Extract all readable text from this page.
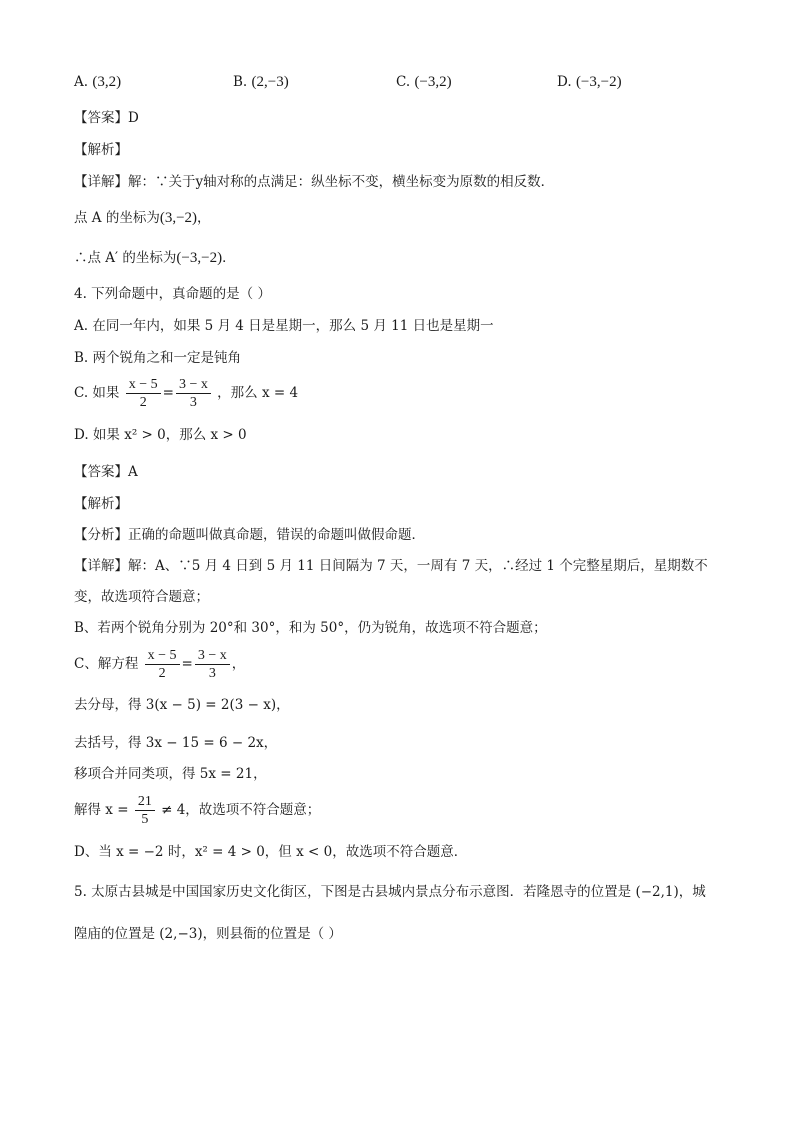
A. (3,2)	B. (2,−3)	C. (−3,2)	D. (−3,−2)
【答案】D
【解析】
【详解】解：∵关于y轴对称的点满足：纵坐标不变，横坐标变为原数的相反数．
点 A 的坐标为(3,−2)，
∴点 A′ 的坐标为(−3,−2)．
4. 下列命题中，真命题的是（ ）
A. 在同一年内，如果 5 月 4 日是星期一，那么 5 月 11 日也是星期一
B. 两个锐角之和一定是钝角
C. 如果 $\frac{x - 5}{2} = \frac{3 - x}{3}$ ，那么 x = 4
D. 如果 x² > 0，那么 x > 0
【答案】A
【解析】
【分析】正确的命题叫做真命题，错误的命题叫做假命题．
【详解】解：A、∵5 月 4 日到 5 月 11 日间隔为 7 天，一周有 7 天，∴经过 1 个完整星期后，星期数不
变，故选项符合题意；
B、若两个锐角分别为 20°和 30°，和为 50°，仍为锐角，故选项不符合题意；
C、解方程 $\frac{x - 5}{2} = \frac{3 - x}{3}$ ，
去分母，得 3(x − 5) = 2(3 − x)，
去括号，得 3x − 15 = 6 − 2x，
移项合并同类项，得 5x = 21，
解得 $x = \frac{21}{5} \ne 4$，故选项不符合题意；
D、当 x = −2 时，x² = 4 > 0，但 x < 0，故选项不符合题意．
5. 太原古县城是中国国家历史文化街区，下图是古县城内景点分布示意图．若隆恩寺的位置是 (−2,1)，城
隍庙的位置是 (2,−3)，则县衙的位置是（ ）
